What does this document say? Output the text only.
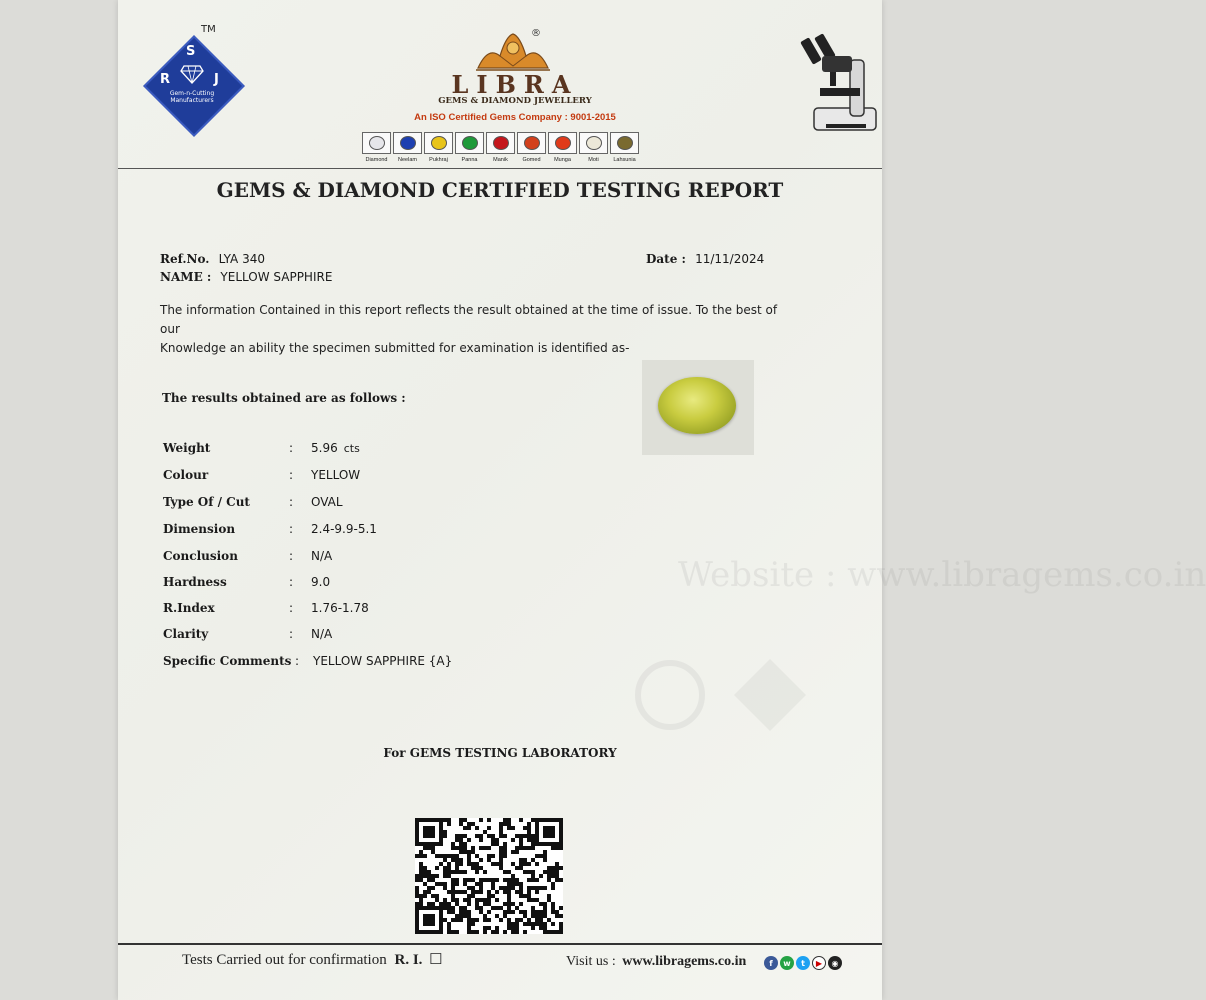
S
R	J
Gem-n-Cutting Manufacturers
TM	®
LIBRA
GEMS & DIAMOND JEWELLERY
An ISO Certified Gems Company : 9001-2015
Diamond	Neelam	Pukhraj	Panna	Manik	Gomed	Munga	Moti	Lahsunia
GEMS & DIAMOND CERTIFIED TESTING REPORT
Ref.No. LYA 340
NAME : YELLOW SAPPHIRE
Date : 11/11/2024
The information Contained in this report reflects the result obtained at the time of issue. To the best of our
Knowledge an ability the specimen submitted for examination is identified as-
The results obtained are as follows :
Weight	: 5.96 cts
Colour	: YELLOW
Type Of / Cut	: OVAL
Dimension	: 2.4-9.9-5.1
Conclusion	: N/A
Hardness	: 9.0
R.Index	: 1.76-1.78
Clarity	: N/A
Specific Comments : YELLOW SAPPHIRE {A}
Website : www.libragems.co.in
For GEMS TESTING LABORATORY
Tests Carried out for confirmation R. I. ☐	Visit us : www.libragems.co.in	f	w	t	▶	◉
